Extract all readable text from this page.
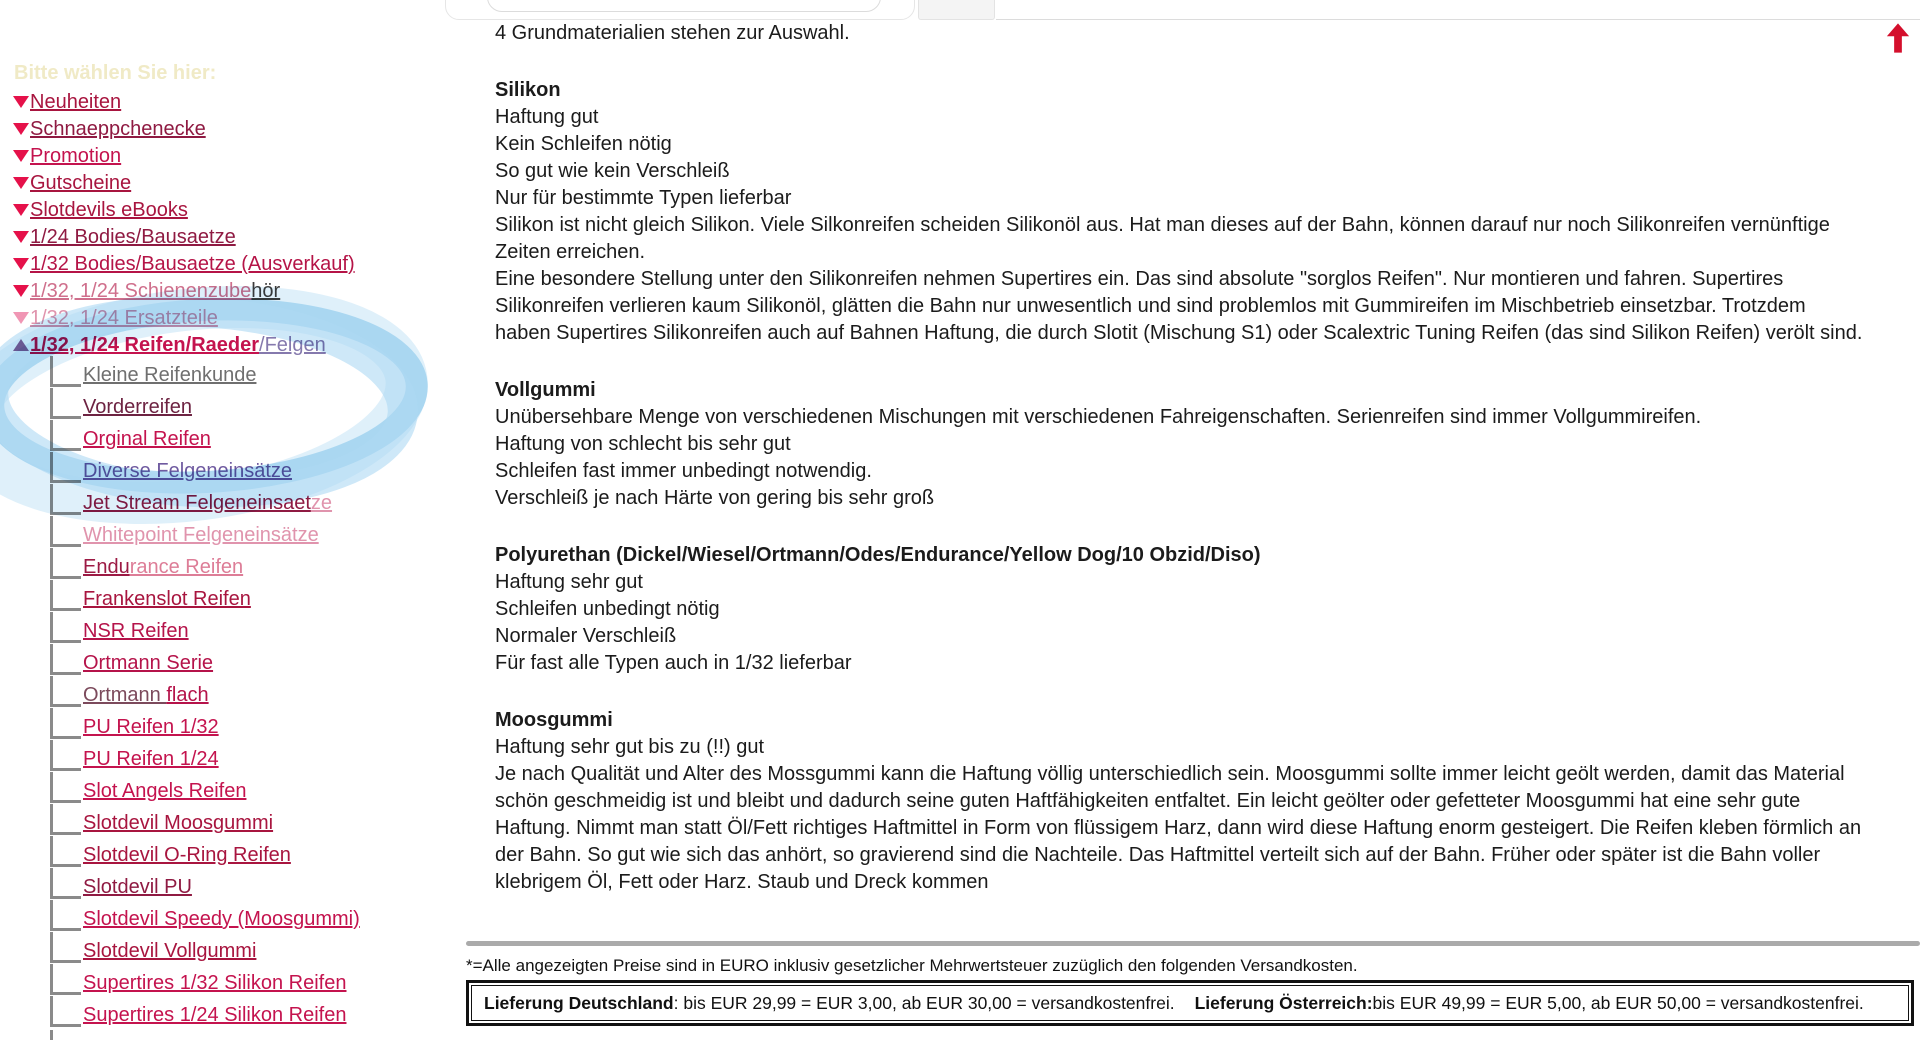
Bitte wählen Sie hier:
Neuheiten
Schnaeppchenecke
Promotion
Gutscheine
Slotdevils eBooks
1/24 Bodies/Bausaetze
1/32 Bodies/Bausaetze (Ausverkauf)
1/32, 1/24 Schienenzubehör
1/32, 1/24 Ersatzteile
1/32, 1/24 Reifen/Raeder/Felgen
Kleine Reifenkunde
Vorderreifen
Orginal Reifen
Diverse Felgeneinsätze
Jet Stream Felgeneinsaetze
Whitepoint Felgeneinsätze
Endurance Reifen
Frankenslot Reifen
NSR Reifen
Ortmann Serie
Ortmann flach
PU Reifen 1/32
PU Reifen 1/24
Slot Angels Reifen
Slotdevil Moosgummi
Slotdevil O-Ring Reifen
Slotdevil PU
Slotdevil Speedy (Moosgummi)
Slotdevil Vollgummi
Supertires 1/32 Silikon Reifen
Supertires 1/24 Silikon Reifen
4 Grundmaterialien stehen zur Auswahl.
Silikon
Haftung gut
Kein Schleifen nötig
So gut wie kein Verschleiß
Nur für bestimmte Typen lieferbar
Silikon ist nicht gleich Silikon. Viele Silkonreifen scheiden Silikonöl aus. Hat man dieses auf der Bahn, können darauf nur noch Silikonreifen vernünftige Zeiten erreichen.
Eine besondere Stellung unter den Silikonreifen nehmen Supertires ein. Das sind absolute "sorglos Reifen". Nur montieren und fahren. Supertires Silikonreifen verlieren kaum Silikonöl, glätten die Bahn nur unwesentlich und sind problemlos mit Gummireifen im Mischbetrieb einsetzbar. Trotzdem haben Supertires Silikonreifen auch auf Bahnen Haftung, die durch Slotit (Mischung S1) oder Scalextric Tuning Reifen (das sind Silikon Reifen) verölt sind.
Vollgummi
Unübersehbare Menge von verschiedenen Mischungen mit verschiedenen Fahreigenschaften. Serienreifen sind immer Vollgummireifen.
Haftung von schlecht bis sehr gut
Schleifen fast immer unbedingt notwendig.
Verschleiß je nach Härte von gering bis sehr groß
Polyurethan (Dickel/Wiesel/Ortmann/Odes/Endurance/Yellow Dog/10 Obzid/Diso)
Haftung sehr gut
Schleifen unbedingt nötig
Normaler Verschleiß
Für fast alle Typen auch in 1/32 lieferbar
Moosgummi
Haftung sehr gut bis zu (!!) gut
Je nach Qualität und Alter des Mossgummi kann die Haftung völlig unterschiedlich sein. Moosgummi sollte immer leicht geölt werden, damit das Material schön geschmeidig ist und bleibt und dadurch seine guten Haftfähigkeiten entfaltet. Ein leicht geölter oder gefetteter Moosgummi hat eine sehr gute Haftung. Nimmt man statt Öl/Fett richtiges Haftmittel in Form von flüssigem Harz, dann wird diese Haftung enorm gesteigert. Die Reifen kleben förmlich an der Bahn. So gut wie sich das anhört, so gravierend sind die Nachteile. Das Haftmittel verteilt sich auf der Bahn. Früher oder später ist die Bahn voller klebrigem Öl, Fett oder Harz. Staub und Dreck kommen
*=Alle angezeigten Preise sind in EURO inklusiv gesetzlicher Mehrwertsteuer zuzüglich den folgenden Versandkosten.
Lieferung Deutschland : bis EUR 29,99 = EUR 3,00, ab EUR 30,00 = versandkostenfrei. Lieferung Österreich: bis EUR 49,99 = EUR 5,00, ab EUR 50,00 = versandkostenfrei.
